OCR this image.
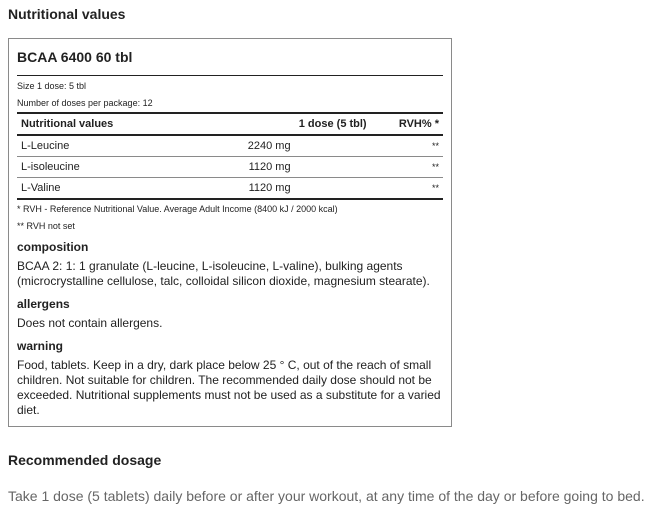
Nutritional values
BCAA 6400 60 tbl
Size 1 dose: 5 tbl
Number of doses per package: 12
Nutritional values	1 dose (5 tbl)	RVH% *
L-Leucine	2240 mg	**
L-isoleucine	1120 mg	**
L-Valine	1120 mg	**
* RVH - Reference Nutritional Value. Average Adult Income (8400 kJ / 2000 kcal)
** RVH not set
composition

BCAA 2: 1: 1 granulate (L-leucine, L-isoleucine, L-valine), bulking agents (microcrystalline cellulose, talc, colloidal silicon dioxide, magnesium stearate).

allergens

Does not contain allergens.

warning

Food, tablets. Keep in a dry, dark place below 25 ° C, out of the reach of small children. Not suitable for children. The recommended daily dose should not be exceeded. Nutritional supplements must not be used as a substitute for a varied diet.

Recommended dosage

Take 1 dose (5 tablets) daily before or after your workout, at any time of the day or before going to bed.
